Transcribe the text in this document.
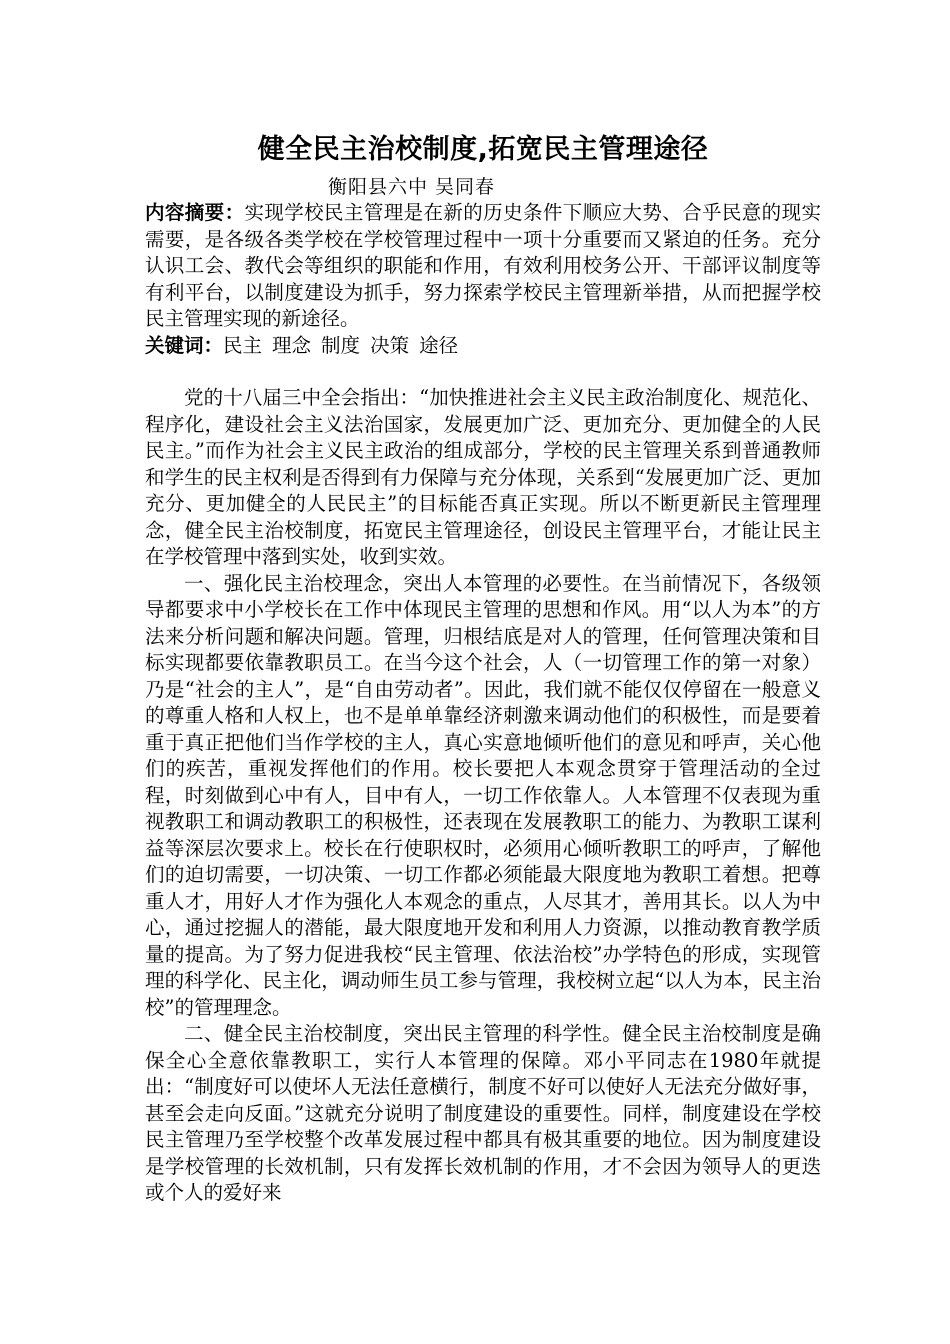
健全民主治校制度,拓宽民主管理途径
衡阳县六中 吴同春

内容摘要：实现学校民主管理是在新的历史条件下顺应大势、合乎民意的现实需要，是各级各类学校在学校管理过程中一项十分重要而又紧迫的任务。充分认识工会、教代会等组织的职能和作用，有效利用校务公开、干部评议制度等有利平台，以制度建设为抓手，努力探索学校民主管理新举措，从而把握学校民主管理实现的新途径。

关键词：民主 理念 制度 决策 途径

党的十八届三中全会指出：“加快推进社会主义民主政治制度化、规范化、程序化，建设社会主义法治国家，发展更加广泛、更加充分、更加健全的人民民主。”而作为社会主义民主政治的组成部分，学校的民主管理关系到普通教师和学生的民主权利是否得到有力保障与充分体现，关系到“发展更加广泛、更加充分、更加健全的人民民主”的目标能否真正实现。所以不断更新民主管理理念，健全民主治校制度，拓宽民主管理途径，创设民主管理平台，才能让民主在学校管理中落到实处，收到实效。

一、强化民主治校理念，突出人本管理的必要性。在当前情况下，各级领导都要求中小学校长在工作中体现民主管理的思想和作风。用“以人为本”的方法来分析问题和解决问题。管理，归根结底是对人的管理，任何管理决策和目标实现都要依靠教职员工。在当今这个社会，人（一切管理工作的第一对象）乃是“社会的主人”，是“自由劳动者”。因此，我们就不能仅仅停留在一般意义的尊重人格和人权上，也不是单单靠经济刺激来调动他们的积极性，而是要着重于真正把他们当作学校的主人，真心实意地倾听他们的意见和呼声，关心他们的疾苦，重视发挥他们的作用。校长要把人本观念贯穿于管理活动的全过程，时刻做到心中有人，目中有人，一切工作依靠人。人本管理不仅表现为重视教职工和调动教职工的积极性，还表现在发展教职工的能力、为教职工谋利益等深层次要求上。校长在行使职权时，必须用心倾听教职工的呼声，了解他们的迫切需要，一切决策、一切工作都必须能最大限度地为教职工着想。把尊重人才，用好人才作为强化人本观念的重点，人尽其才，善用其长。以人为中心，通过挖掘人的潜能，最大限度地开发和利用人力资源，以推动教育教学质量的提高。为了努力促进我校“民主管理、依法治校”办学特色的形成，实现管理的科学化、民主化，调动师生员工参与管理，我校树立起“以人为本，民主治校”的管理理念。

二、健全民主治校制度，突出民主管理的科学性。健全民主治校制度是确保全心全意依靠教职工，实行人本管理的保障。邓小平同志在1980年就提出：“制度好可以使坏人无法任意横行，制度不好可以使好人无法充分做好事，甚至会走向反面。”这就充分说明了制度建设的重要性。同样，制度建设在学校民主管理乃至学校整个改革发展过程中都具有极其重要的地位。因为制度建设是学校管理的长效机制，只有发挥长效机制的作用，才不会因为领导人的更迭或个人的爱好来
